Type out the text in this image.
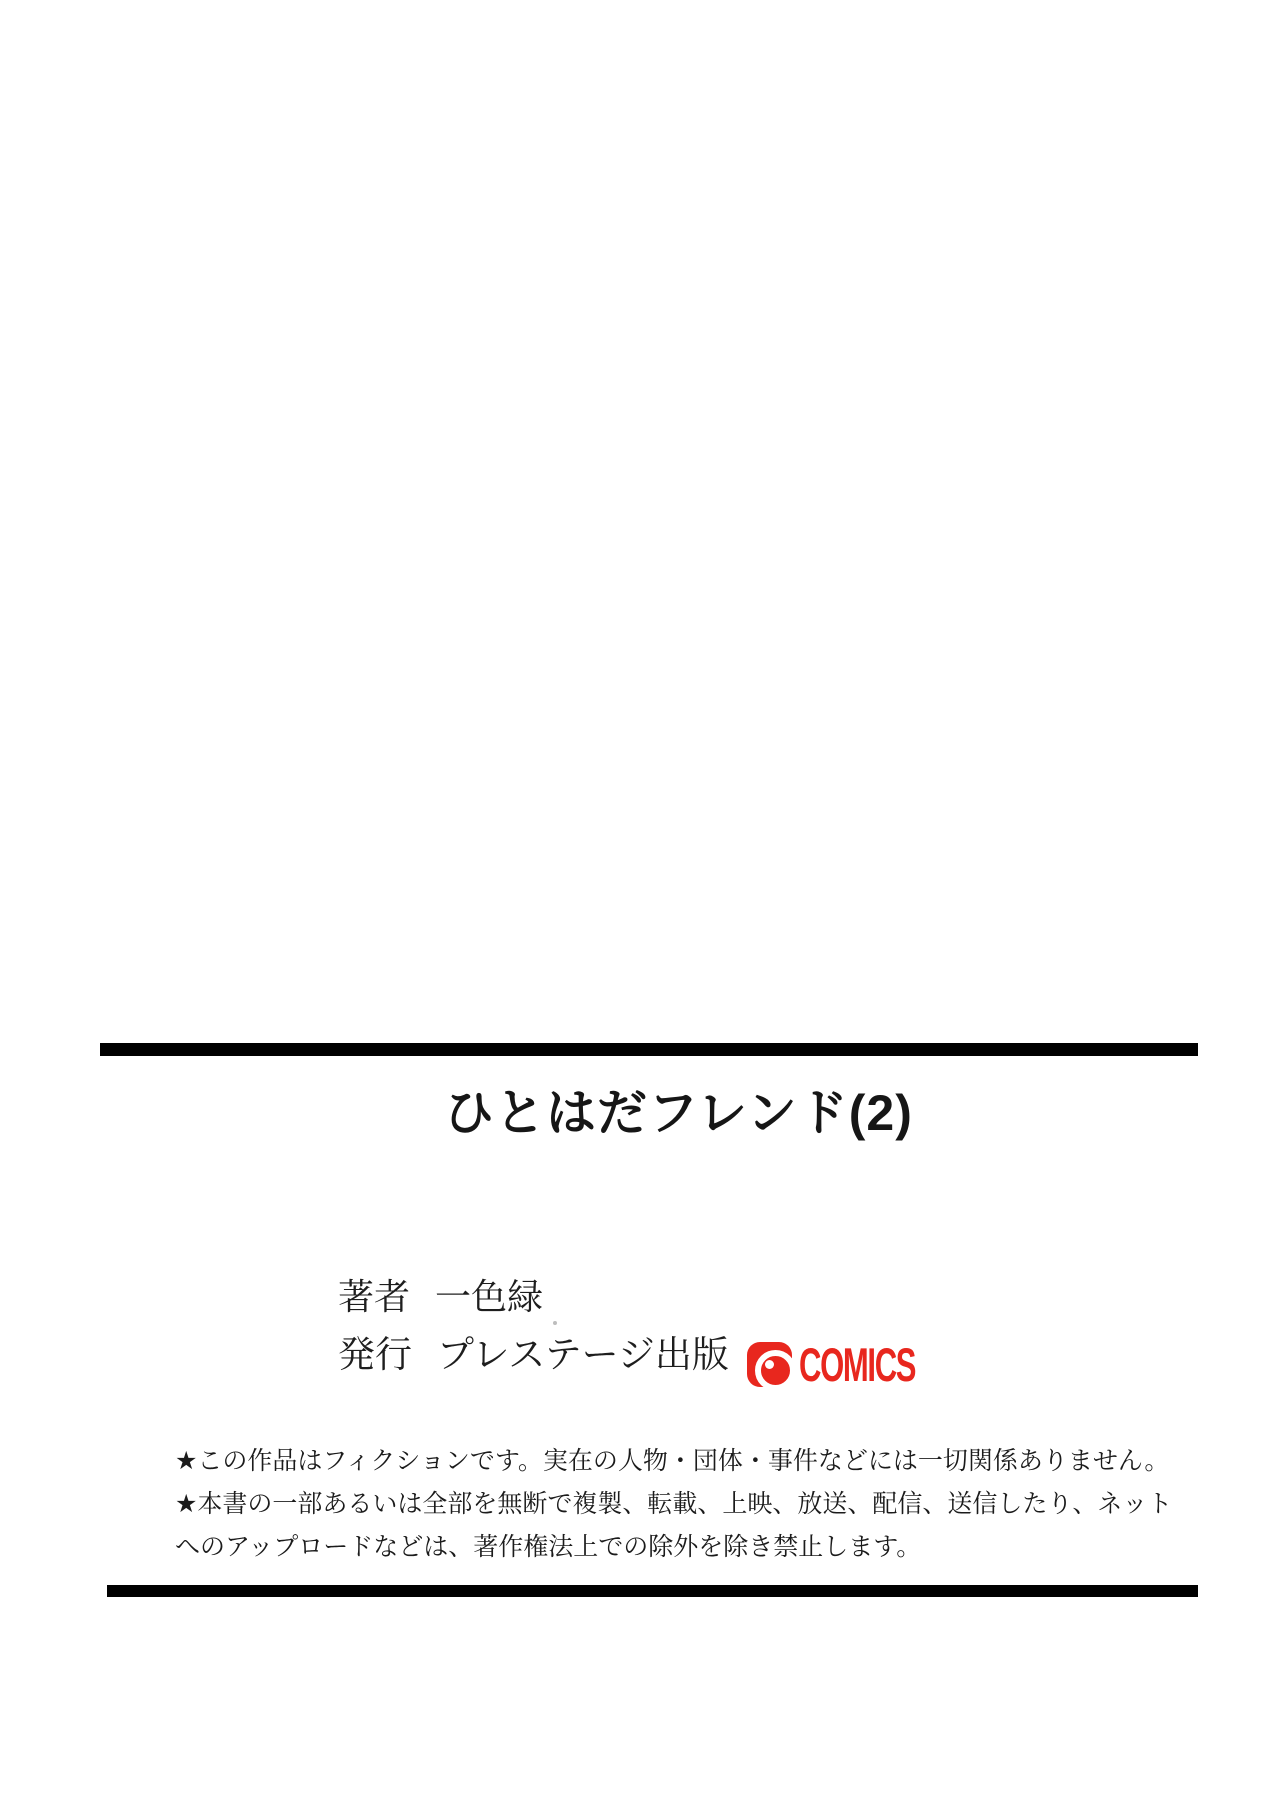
ひとはだフレンド(2)
著者 一色緑
発行 プレステージ出版 COMICS
★この作品はフィクションです。実在の人物・団体・事件などには一切関係ありません。
★本書の一部あるいは全部を無断で複製、転載、上映、放送、配信、送信したり、ネット
へのアップロードなどは、著作権法上での除外を除き禁止します。
